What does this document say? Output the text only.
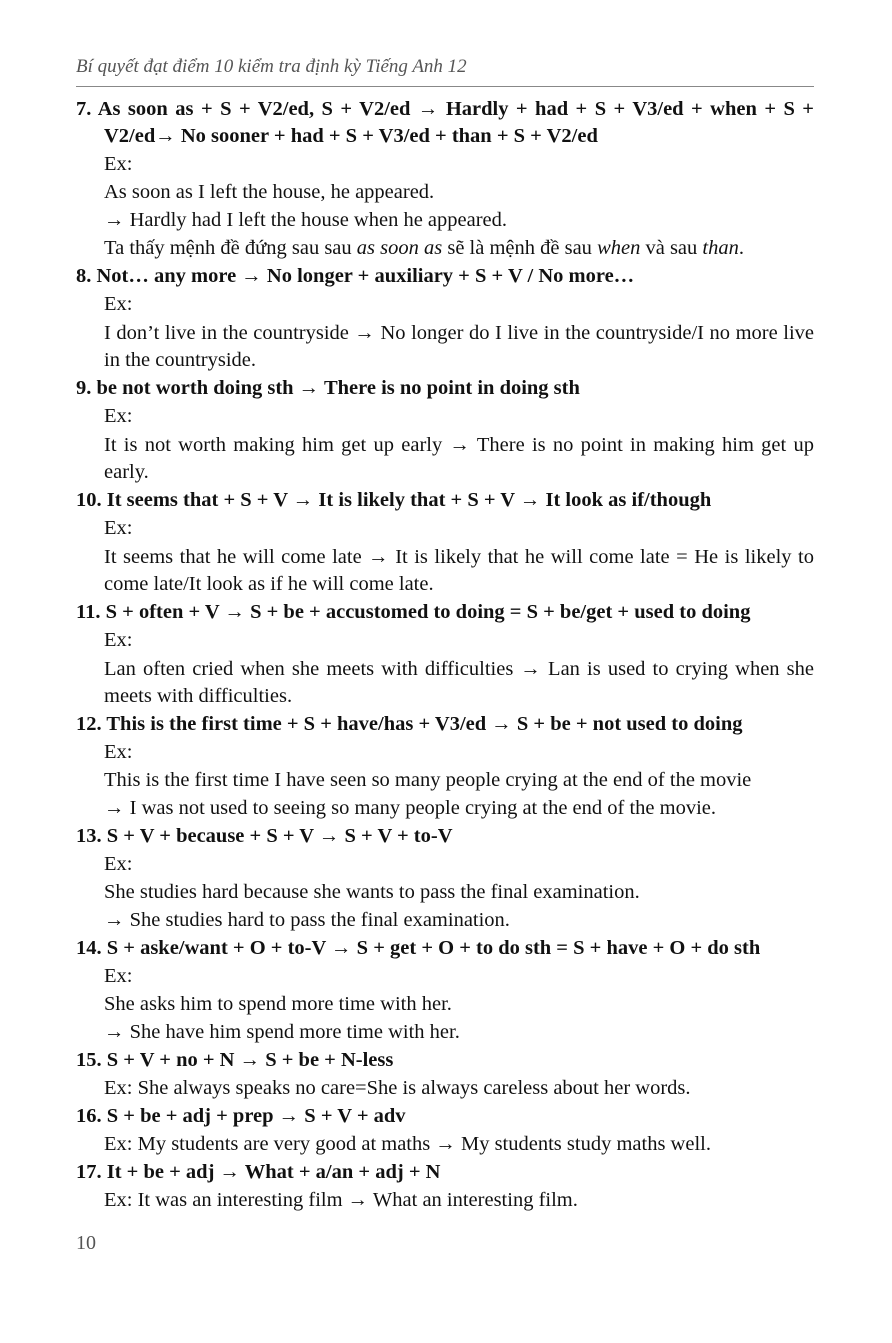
Bí quyết đạt điểm 10 kiểm tra định kỳ Tiếng Anh 12
7. As soon as + S + V2/ed, S + V2/ed → Hardly + had + S + V3/ed + when + S + V2/ed→ No sooner + had + S + V3/ed + than + S + V2/ed
Ex:
As soon as I left the house, he appeared.
→ Hardly had I left the house when he appeared.
Ta thấy mệnh đề đứng sau sau as soon as sẽ là mệnh đề sau when và sau than.
8. Not… any more → No longer + auxiliary + S + V / No more…
Ex:
I don’t live in the countryside → No longer do I live in the countryside/I no more live in the countryside.
9. be not worth doing sth → There is no point in doing sth
Ex:
It is not worth making him get up early → There is no point in making him get up early.
10. It seems that + S + V → It is likely that + S + V → It look as if/though
Ex:
It seems that he will come late → It is likely that he will come late = He is likely to come late/It look as if he will come late.
11. S + often + V → S + be + accustomed to doing = S + be/get + used to doing
Ex:
Lan often cried when she meets with difficulties → Lan is used to crying when she meets with difficulties.
12. This is the first time + S + have/has + V3/ed → S + be + not used to doing
Ex:
This is the first time I have seen so many people crying at the end of the movie
→ I was not used to seeing so many people crying at the end of the movie.
13. S + V + because + S + V → S + V + to-V
Ex:
She studies hard because she wants to pass the final examination.
→ She studies hard to pass the final examination.
14. S + aske/want + O + to-V → S + get + O + to do sth = S + have + O + do sth
Ex:
She asks him to spend more time with her.
→ She have him spend more time with her.
15. S + V + no + N → S + be + N-less
Ex: She always speaks no care=She is always careless about her words.
16. S + be + adj + prep → S + V + adv
Ex: My students are very good at maths → My students study maths well.
17. It + be + adj → What + a/an + adj + N
Ex: It was an interesting film → What an interesting film.
10
